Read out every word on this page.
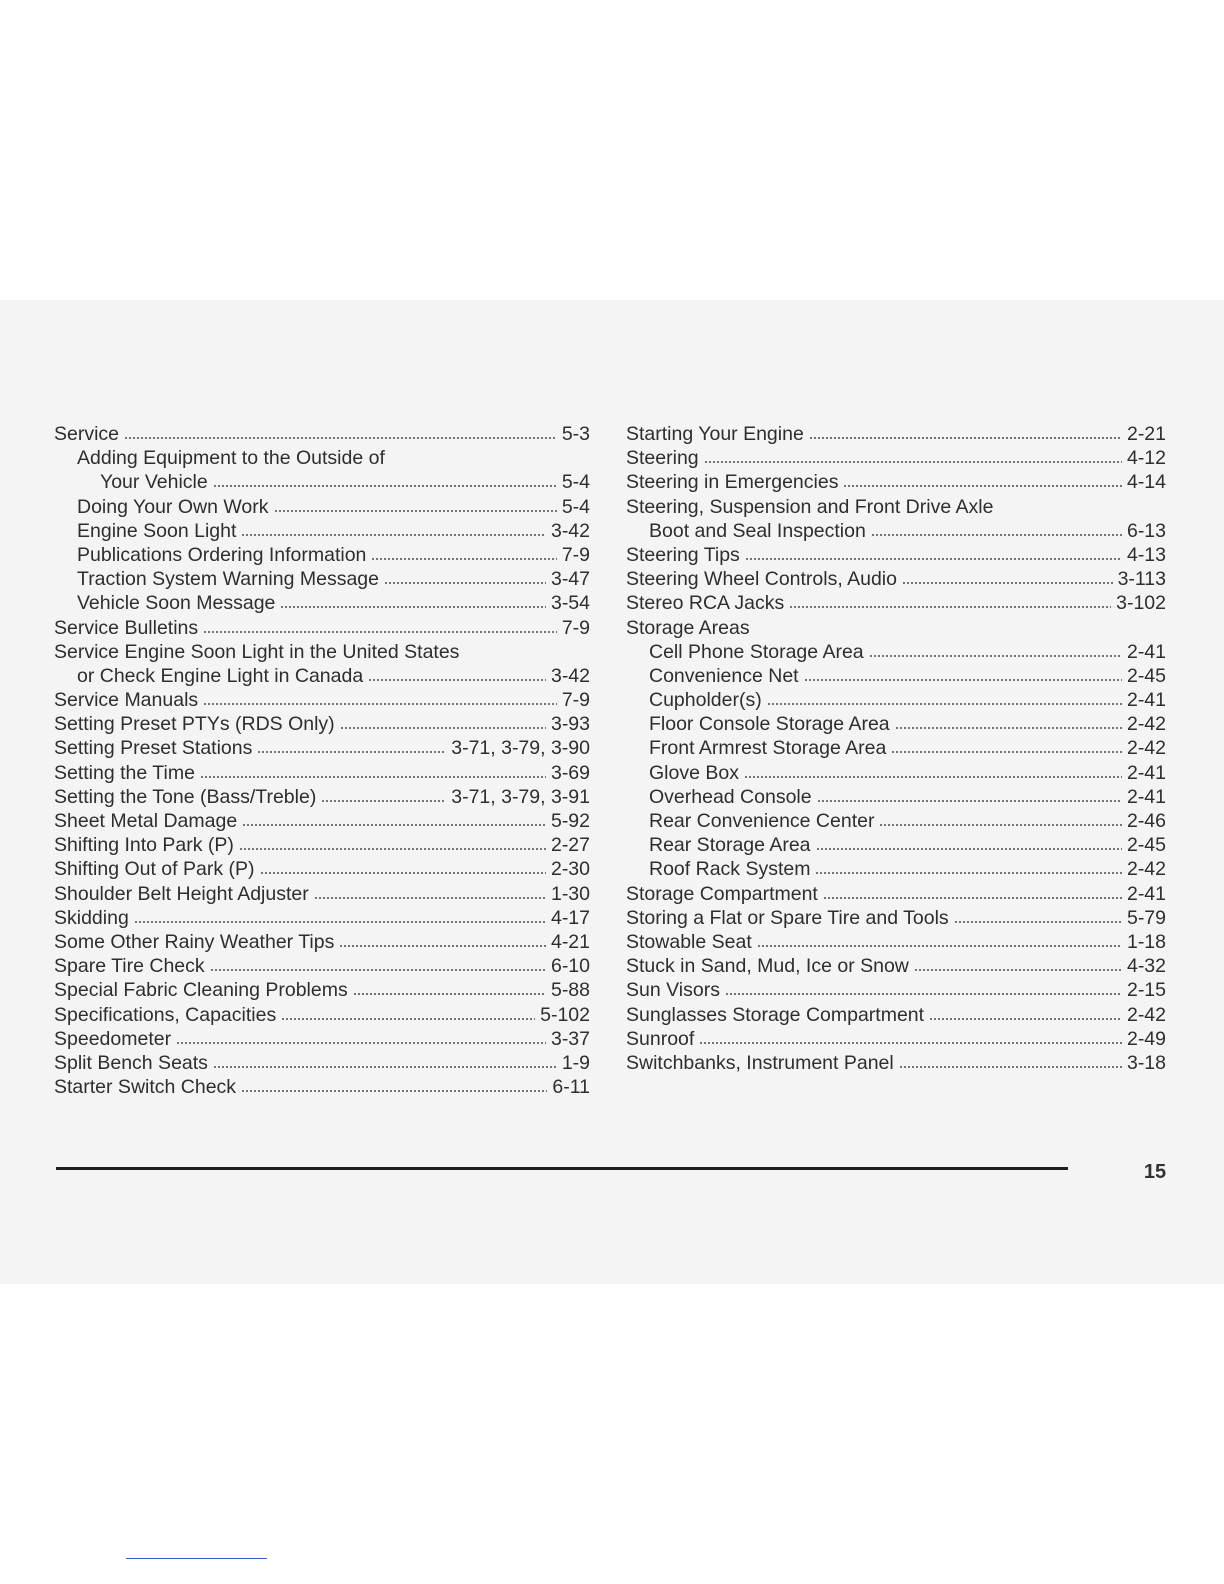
Service	5-3
Adding Equipment to the Outside of
Your Vehicle	5-4
Doing Your Own Work	5-4
Engine Soon Light	3-42
Publications Ordering Information	7-9
Traction System Warning Message	3-47
Vehicle Soon Message	3-54
Service Bulletins	7-9
Service Engine Soon Light in the United States
or Check Engine Light in Canada	3-42
Service Manuals	7-9
Setting Preset PTYs (RDS Only)	3-93
Setting Preset Stations	3-71, 3-79, 3-90
Setting the Time	3-69
Setting the Tone (Bass/Treble)	3-71, 3-79, 3-91
Sheet Metal Damage	5-92
Shifting Into Park (P)	2-27
Shifting Out of Park (P)	2-30
Shoulder Belt Height Adjuster	1-30
Skidding	4-17
Some Other Rainy Weather Tips	4-21
Spare Tire Check	6-10
Special Fabric Cleaning Problems	5-88
Specifications, Capacities	5-102
Speedometer	3-37
Split Bench Seats	1-9
Starter Switch Check	6-11
Starting Your Engine	2-21
Steering	4-12
Steering in Emergencies	4-14
Steering, Suspension and Front Drive Axle
Boot and Seal Inspection	6-13
Steering Tips	4-13
Steering Wheel Controls, Audio	3-113
Stereo RCA Jacks	3-102
Storage Areas
Cell Phone Storage Area	2-41
Convenience Net	2-45
Cupholder(s)	2-41
Floor Console Storage Area	2-42
Front Armrest Storage Area	2-42
Glove Box	2-41
Overhead Console	2-41
Rear Convenience Center	2-46
Rear Storage Area	2-45
Roof Rack System	2-42
Storage Compartment	2-41
Storing a Flat or Spare Tire and Tools	5-79
Stowable Seat	1-18
Stuck in Sand, Mud, Ice or Snow	4-32
Sun Visors	2-15
Sunglasses Storage Compartment	2-42
Sunroof	2-49
Switchbanks, Instrument Panel	3-18
15
